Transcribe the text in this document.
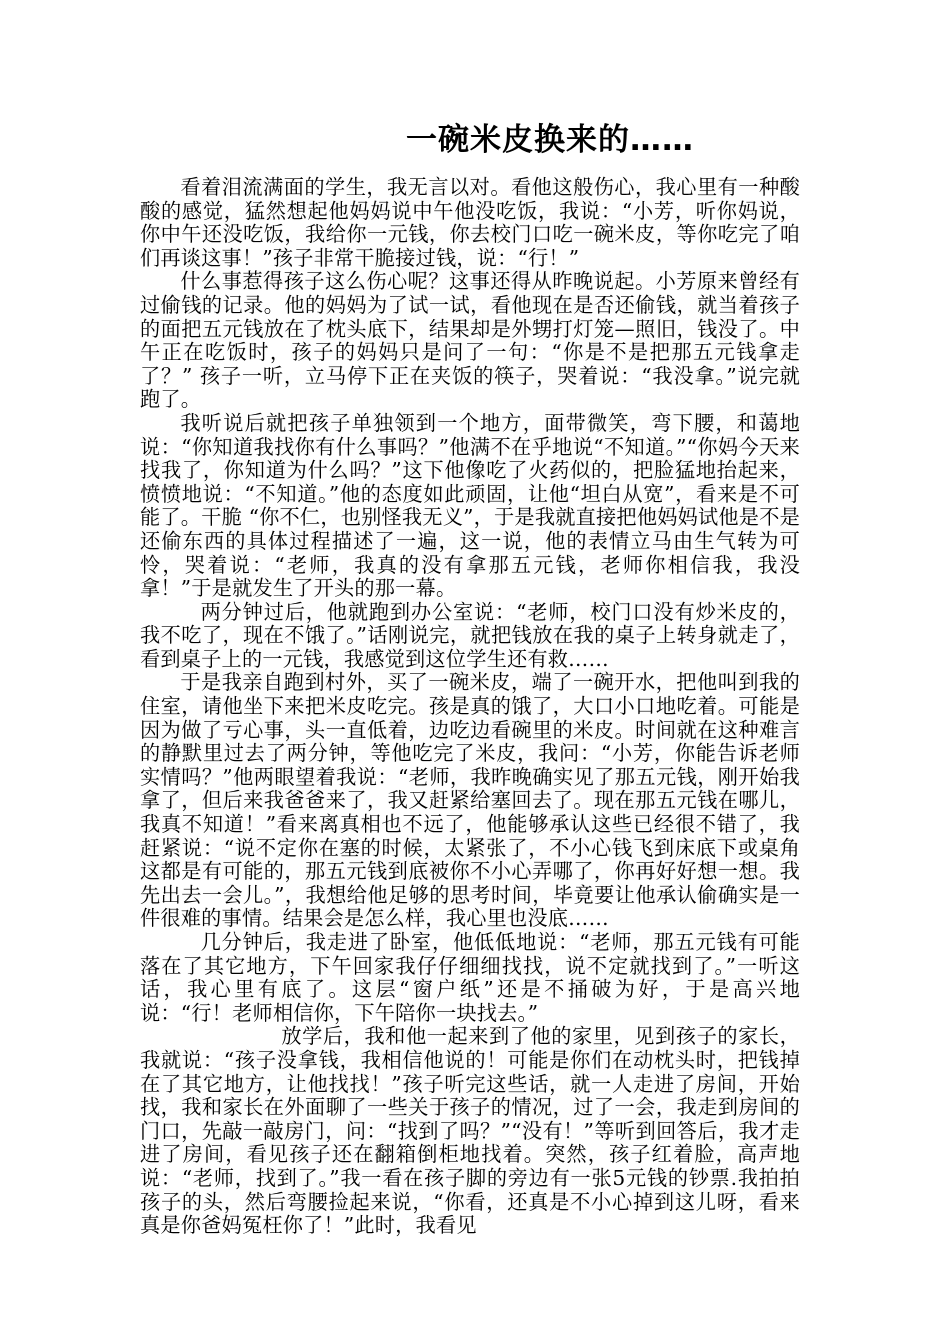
一碗米皮换来的……

看着泪流满面的学生，我无言以对。看他这般伤心，我心里有一种酸酸的感觉，猛然想起他妈妈说中午他没吃饭，我说：“小芳，听你妈说，你中午还没吃饭，我给你一元钱，你去校门口吃一碗米皮，等你吃完了咱们再谈这事！”孩子非常干脆接过钱，说：“行！”

什么事惹得孩子这么伤心呢？这事还得从昨晚说起。小芳原来曾经有过偷钱的记录。他的妈妈为了试一试，看他现在是否还偷钱，就当着孩子的面把五元钱放在了枕头底下，结果却是外甥打灯笼—照旧，钱没了。中午正在吃饭时，孩子的妈妈只是问了一句：“你是不是把那五元钱拿走了？” 孩子一听，立马停下正在夹饭的筷子，哭着说：“我没拿。”说完就跑了。

我听说后就把孩子单独领到一个地方，面带微笑，弯下腰，和蔼地说：“你知道我找你有什么事吗？”他满不在乎地说“不知道。”“你妈今天来找我了，你知道为什么吗？”这下他像吃了火药似的，把脸猛地抬起来，愤愤地说：“不知道。”他的态度如此顽固，让他“坦白从宽”，看来是不可能了。干脆 “你不仁，也别怪我无义”，于是我就直接把他妈妈试他是不是还偷东西的具体过程描述了一遍，这一说，他的表情立马由生气转为可怜，哭着说：“老师，我真的没有拿那五元钱，老师你相信我，我没拿！”于是就发生了开头的那一幕。

两分钟过后，他就跑到办公室说：“老师，校门口没有炒米皮的，我不吃了，现在不饿了。”话刚说完，就把钱放在我的桌子上转身就走了，看到桌子上的一元钱，我感觉到这位学生还有救……

于是我亲自跑到村外，买了一碗米皮，端了一碗开水，把他叫到我的住室，请他坐下来把米皮吃完。孩是真的饿了，大口小口地吃着。可能是因为做了亏心事，头一直低着，边吃边看碗里的米皮。时间就在这种难言的静默里过去了两分钟，等他吃完了米皮，我问：“小芳，你能告诉老师实情吗？”他两眼望着我说：“老师，我昨晚确实见了那五元钱，刚开始我拿了，但后来我爸爸来了，我又赶紧给塞回去了。现在那五元钱在哪儿，我真不知道！”看来离真相也不远了，他能够承认这些已经很不错了，我赶紧说：“说不定你在塞的时候，太紧张了，不小心钱飞到床底下或桌角这都是有可能的，那五元钱到底被你不小心弄哪了，你再好好想一想。我先出去一会儿。”，我想给他足够的思考时间，毕竟要让他承认偷确实是一件很难的事情。结果会是怎么样，我心里也没底……

几分钟后，我走进了卧室，他低低地说：“老师，那五元钱有可能落在了其它地方，下午回家我仔仔细细找找，说不定就找到了。”一听这话，我心里有底了。这层“窗户纸”还是不捅破为好，于是高兴地说：“行！老师相信你，下午陪你一块找去。”

放学后，我和他一起来到了他的家里，见到孩子的家长，我就说：“孩子没拿钱，我相信他说的！可能是你们在动枕头时，把钱掉在了其它地方，让他找找！”孩子听完这些话，就一人走进了房间，开始找，我和家长在外面聊了一些关于孩子的情况，过了一会，我走到房间的门口，先敲一敲房门，问：“找到了吗？”“没有！”等听到回答后，我才走进了房间，看见孩子还在翻箱倒柜地找着。突然，孩子红着脸，高声地说：“老师，找到了。”我一看在孩子脚的旁边有一张5元钱的钞票.我拍拍孩子的头，然后弯腰捡起来说，“你看，还真是不小心掉到这儿呀，看来真是你爸妈冤枉你了！”此时，我看见
